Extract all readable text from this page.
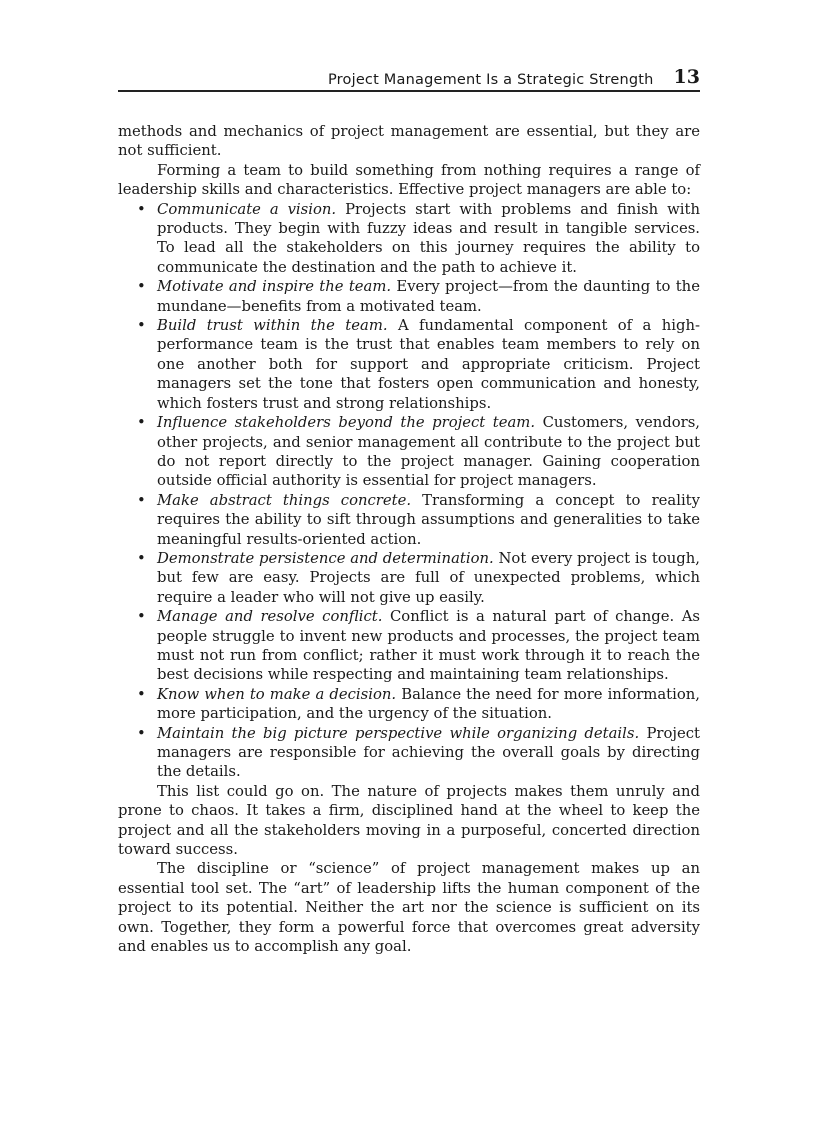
Project Management Is a Strategic Strength 13

methods and mechanics of project management are essential, but they are not sufficient.

Forming a team to build something from nothing requires a range of leadership skills and characteristics. Effective project managers are able to:

• Communicate a vision. Projects start with problems and finish with products. They begin with fuzzy ideas and result in tangible services. To lead all the stakeholders on this journey requires the ability to communicate the destination and the path to achieve it.
• Motivate and inspire the team. Every project—from the daunting to the mundane—benefits from a motivated team.
• Build trust within the team. A fundamental component of a high-performance team is the trust that enables team members to rely on one another both for support and appropriate criticism. Project managers set the tone that fosters open communication and honesty, which fosters trust and strong relationships.
• Influence stakeholders beyond the project team. Customers, vendors, other projects, and senior management all contribute to the project but do not report directly to the project manager. Gaining cooperation outside official authority is essential for project managers.
• Make abstract things concrete. Transforming a concept to reality requires the ability to sift through assumptions and generalities to take meaningful results-oriented action.
• Demonstrate persistence and determination. Not every project is tough, but few are easy. Projects are full of unexpected problems, which require a leader who will not give up easily.
• Manage and resolve conflict. Conflict is a natural part of change. As people struggle to invent new products and processes, the project team must not run from conflict; rather it must work through it to reach the best decisions while respecting and maintaining team relationships.
• Know when to make a decision. Balance the need for more information, more participation, and the urgency of the situation.
• Maintain the big picture perspective while organizing details. Project managers are responsible for achieving the overall goals by directing the details.

This list could go on. The nature of projects makes them unruly and prone to chaos. It takes a firm, disciplined hand at the wheel to keep the project and all the stakeholders moving in a purposeful, concerted direction toward success.

The discipline or “science” of project management makes up an essential tool set. The “art” of leadership lifts the human component of the project to its potential. Neither the art nor the science is sufficient on its own. Together, they form a powerful force that overcomes great adversity and enables us to accomplish any goal.
